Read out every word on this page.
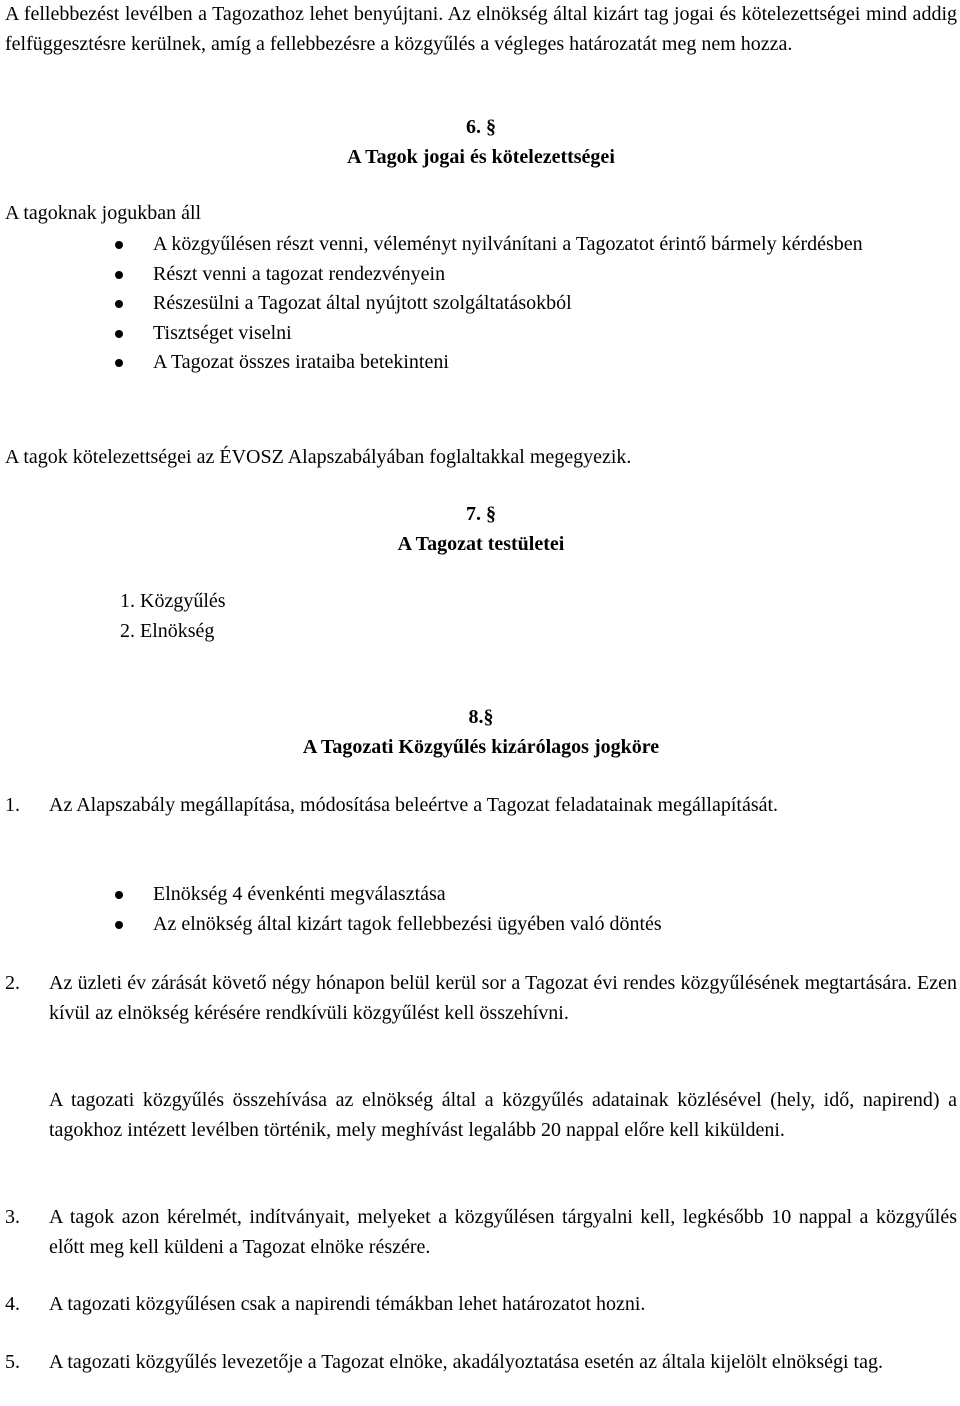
A fellebbezést levélben a Tagozathoz lehet benyújtani. Az elnökség által kizárt tag jogai és kötelezettségei mind addig felfüggesztésre kerülnek, amíg a fellebbezésre a közgyűlés a végleges határozatát meg nem hozza.

6. §
A Tagok jogai és kötelezettségei

A tagoknak jogukban áll

A közgyűlésen részt venni, véleményt nyilvánítani a Tagozatot érintő bármely kérdésben
Részt venni a tagozat rendezvényein
Részesülni a Tagozat által nyújtott szolgáltatásokból
Tisztséget viselni
A Tagozat összes irataiba betekinteni

A tagok kötelezettségei az ÉVOSZ Alapszabályában foglaltakkal megegyezik.

7. §
A Tagozat testületei
1. Közgyűlés
2. Elnökség
8.§
A Tagozati Közgyűlés kizárólagos jogköre
1.	Az Alapszabály megállapítása, módosítása beleértve a Tagozat feladatainak megállapítását.
Elnökség 4 évenkénti megválasztása
Az elnökség által kizárt tagok fellebbezési ügyében való döntés
2.	Az üzleti év zárását követő négy hónapon belül kerül sor a Tagozat évi rendes közgyűlésének megtartására. Ezen kívül az elnökség kérésére rendkívüli közgyűlést kell összehívni.

A tagozati közgyűlés összehívása az elnökség által a közgyűlés adatainak közlésével (hely, idő, napirend) a tagokhoz intézett levélben történik, mely meghívást legalább 20 nappal előre kell kiküldeni.

3.	A tagok azon kérelmét, indítványait, melyeket a közgyűlésen tárgyalni kell, legkésőbb 10 nappal a közgyűlés előtt meg kell küldeni a Tagozat elnöke részére.
4.	A tagozati közgyűlésen csak a napirendi témákban lehet határozatot hozni.
5.	A tagozati közgyűlés levezetője a Tagozat elnöke, akadályoztatása esetén az általa kijelölt elnökségi tag.
